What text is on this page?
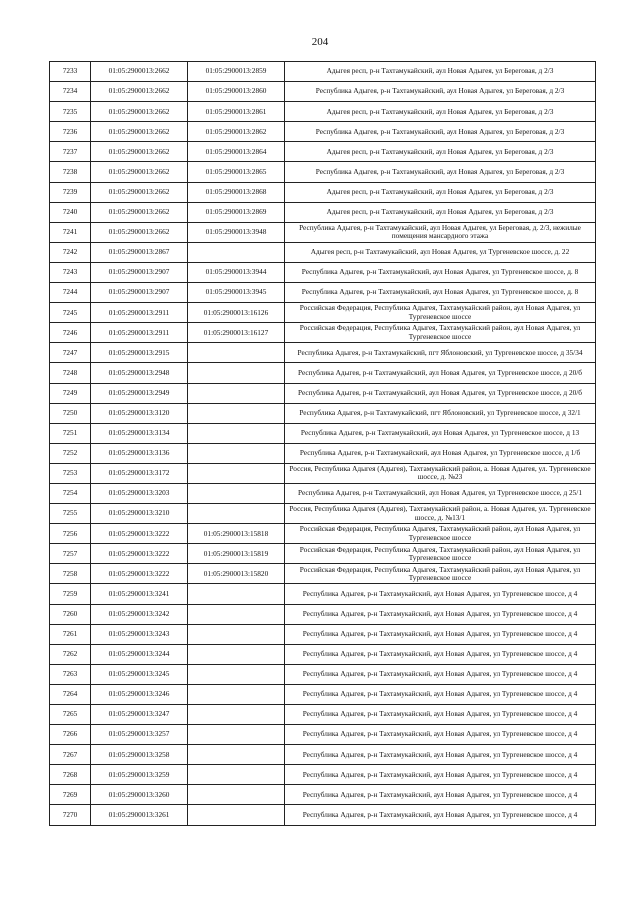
204
7233	01:05:2900013:2662	01:05:2900013:2859	Адыгея респ, р-н Тахтамукайский, аул Новая Адыгея, ул Береговая, д 2/3
7234	01:05:2900013:2662	01:05:2900013:2860	Республика Адыгея, р-н Тахтамукайский, аул Новая Адыгея, ул Береговая, д 2/3
7235	01:05:2900013:2662	01:05:2900013:2861	Адыгея респ, р-н Тахтамукайский, аул Новая Адыгея, ул Береговая, д 2/3
7236	01:05:2900013:2662	01:05:2900013:2862	Республика Адыгея, р-н Тахтамукайский, аул Новая Адыгея, ул Береговая, д 2/3
7237	01:05:2900013:2662	01:05:2900013:2864	Адыгея респ, р-н Тахтамукайский, аул Новая Адыгея, ул Береговая, д 2/3
7238	01:05:2900013:2662	01:05:2900013:2865	Республика Адыгея, р-н Тахтамукайский, аул Новая Адыгея, ул Береговая, д 2/3
7239	01:05:2900013:2662	01:05:2900013:2868	Адыгея респ, р-н Тахтамукайский, аул Новая Адыгея, ул Береговая, д 2/3
7240	01:05:2900013:2662	01:05:2900013:2869	Адыгея респ, р-н Тахтамукайский, аул Новая Адыгея, ул Береговая, д 2/3
7241	01:05:2900013:2662	01:05:2900013:3948	Республика Адыгея, р-н Тахтамукайский, аул Новая Адыгея, ул Береговая, д. 2/3, нежилые помещения мансардного этажа
7242	01:05:2900013:2867		Адыгея респ, р-н Тахтамукайский, аул Новая Адыгея, ул Тургеневское шоссе, д. 22
7243	01:05:2900013:2907	01:05:2900013:3944	Республика Адыгея, р-н Тахтамукайский, аул Новая Адыгея, ул Тургеневское шоссе, д. 8
7244	01:05:2900013:2907	01:05:2900013:3945	Республика Адыгея, р-н Тахтамукайский, аул Новая Адыгея, ул Тургеневское шоссе, д. 8
7245	01:05:2900013:2911	01:05:2900013:16126	Российская Федерация, Республика Адыгея, Тахтамукайский район, аул Новая Адыгея, ул Тургеневское шоссе
7246	01:05:2900013:2911	01:05:2900013:16127	Российская Федерация, Республика Адыгея, Тахтамукайский район, аул Новая Адыгея, ул Тургеневское шоссе
7247	01:05:2900013:2915		Республика Адыгея, р-н Тахтамукайский, пгт Яблоновский, ул Тургеневское шоссе, д 35/34
7248	01:05:2900013:2948		Республика Адыгея, р-н Тахтамукайский, аул Новая Адыгея, ул Тургеневское шоссе, д 20/б
7249	01:05:2900013:2949		Республика Адыгея, р-н Тахтамукайский, аул Новая Адыгея, ул Тургеневское шоссе, д 20/б
7250	01:05:2900013:3120		Республика Адыгея, р-н Тахтамукайский, пгт Яблоновский, ул Тургеневское шоссе, д 32/1
7251	01:05:2900013:3134		Республика Адыгея, р-н Тахтамукайский, аул Новая Адыгея, ул Тургеневское шоссе, д 13
7252	01:05:2900013:3136		Республика Адыгея, р-н Тахтамукайский, аул Новая Адыгея, ул Тургеневское шоссе, д 1/б
7253	01:05:2900013:3172		Россия, Республика Адыгея (Адыгея), Тахтамукайский район, а. Новая Адыгея, ул. Тургеневское шоссе, д. №23
7254	01:05:2900013:3203		Республика Адыгея, р-н Тахтамукайский, аул Новая Адыгея, ул Тургеневское шоссе, д 25/1
7255	01:05:2900013:3210		Россия, Республика Адыгея (Адыгея), Тахтамукайский район, а. Новая Адыгея, ул. Тургеневское шоссе, д. №13/1
7256	01:05:2900013:3222	01:05:2900013:15818	Российская Федерация, Республика Адыгея, Тахтамукайский район, аул Новая Адыгея, ул Тургеневское шоссе
7257	01:05:2900013:3222	01:05:2900013:15819	Российская Федерация, Республика Адыгея, Тахтамукайский район, аул Новая Адыгея, ул Тургеневское шоссе
7258	01:05:2900013:3222	01:05:2900013:15820	Российская Федерация, Республика Адыгея, Тахтамукайский район, аул Новая Адыгея, ул Тургеневское шоссе
7259	01:05:2900013:3241		Республика Адыгея, р-н Тахтамукайский, аул Новая Адыгея, ул Тургеневское шоссе, д 4
7260	01:05:2900013:3242		Республика Адыгея, р-н Тахтамукайский, аул Новая Адыгея, ул Тургеневское шоссе, д 4
7261	01:05:2900013:3243		Республика Адыгея, р-н Тахтамукайский, аул Новая Адыгея, ул Тургеневское шоссе, д 4
7262	01:05:2900013:3244		Республика Адыгея, р-н Тахтамукайский, аул Новая Адыгея, ул Тургеневское шоссе, д 4
7263	01:05:2900013:3245		Республика Адыгея, р-н Тахтамукайский, аул Новая Адыгея, ул Тургеневское шоссе, д 4
7264	01:05:2900013:3246		Республика Адыгея, р-н Тахтамукайский, аул Новая Адыгея, ул Тургеневское шоссе, д 4
7265	01:05:2900013:3247		Республика Адыгея, р-н Тахтамукайский, аул Новая Адыгея, ул Тургеневское шоссе, д 4
7266	01:05:2900013:3257		Республика Адыгея, р-н Тахтамукайский, аул Новая Адыгея, ул Тургеневское шоссе, д 4
7267	01:05:2900013:3258		Республика Адыгея, р-н Тахтамукайский, аул Новая Адыгея, ул Тургеневское шоссе, д 4
7268	01:05:2900013:3259		Республика Адыгея, р-н Тахтамукайский, аул Новая Адыгея, ул Тургеневское шоссе, д 4
7269	01:05:2900013:3260		Республика Адыгея, р-н Тахтамукайский, аул Новая Адыгея, ул Тургеневское шоссе, д 4
7270	01:05:2900013:3261		Республика Адыгея, р-н Тахтамукайский, аул Новая Адыгея, ул Тургеневское шоссе, д 4
